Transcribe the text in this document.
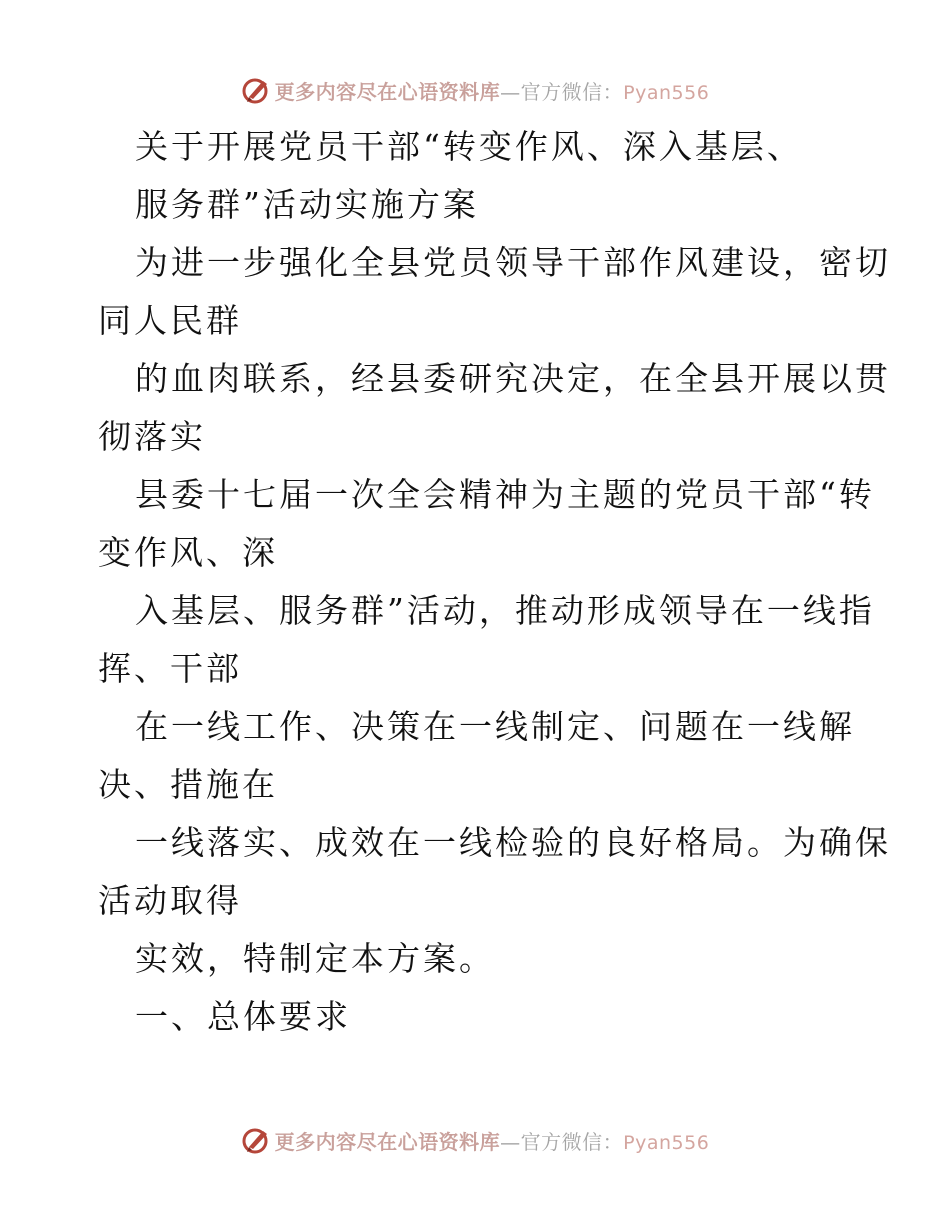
更多内容尽在心语资料库—官方微信：Pyan556
关于开展党员干部“转变作风、深入基层、
服务群”活动实施方案
为进一步强化全县党员领导干部作风建设，密切
同人民群
的血肉联系，经县委研究决定，在全县开展以贯
彻落实
县委十七届一次全会精神为主题的党员干部“转
变作风、深
入基层、服务群”活动，推动形成领导在一线指
挥、干部
在一线工作、决策在一线制定、问题在一线解
决、措施在
一线落实、成效在一线检验的良好格局。为确保
活动取得
实效，特制定本方案。
一、总体要求
更多内容尽在心语资料库—官方微信：Pyan556
